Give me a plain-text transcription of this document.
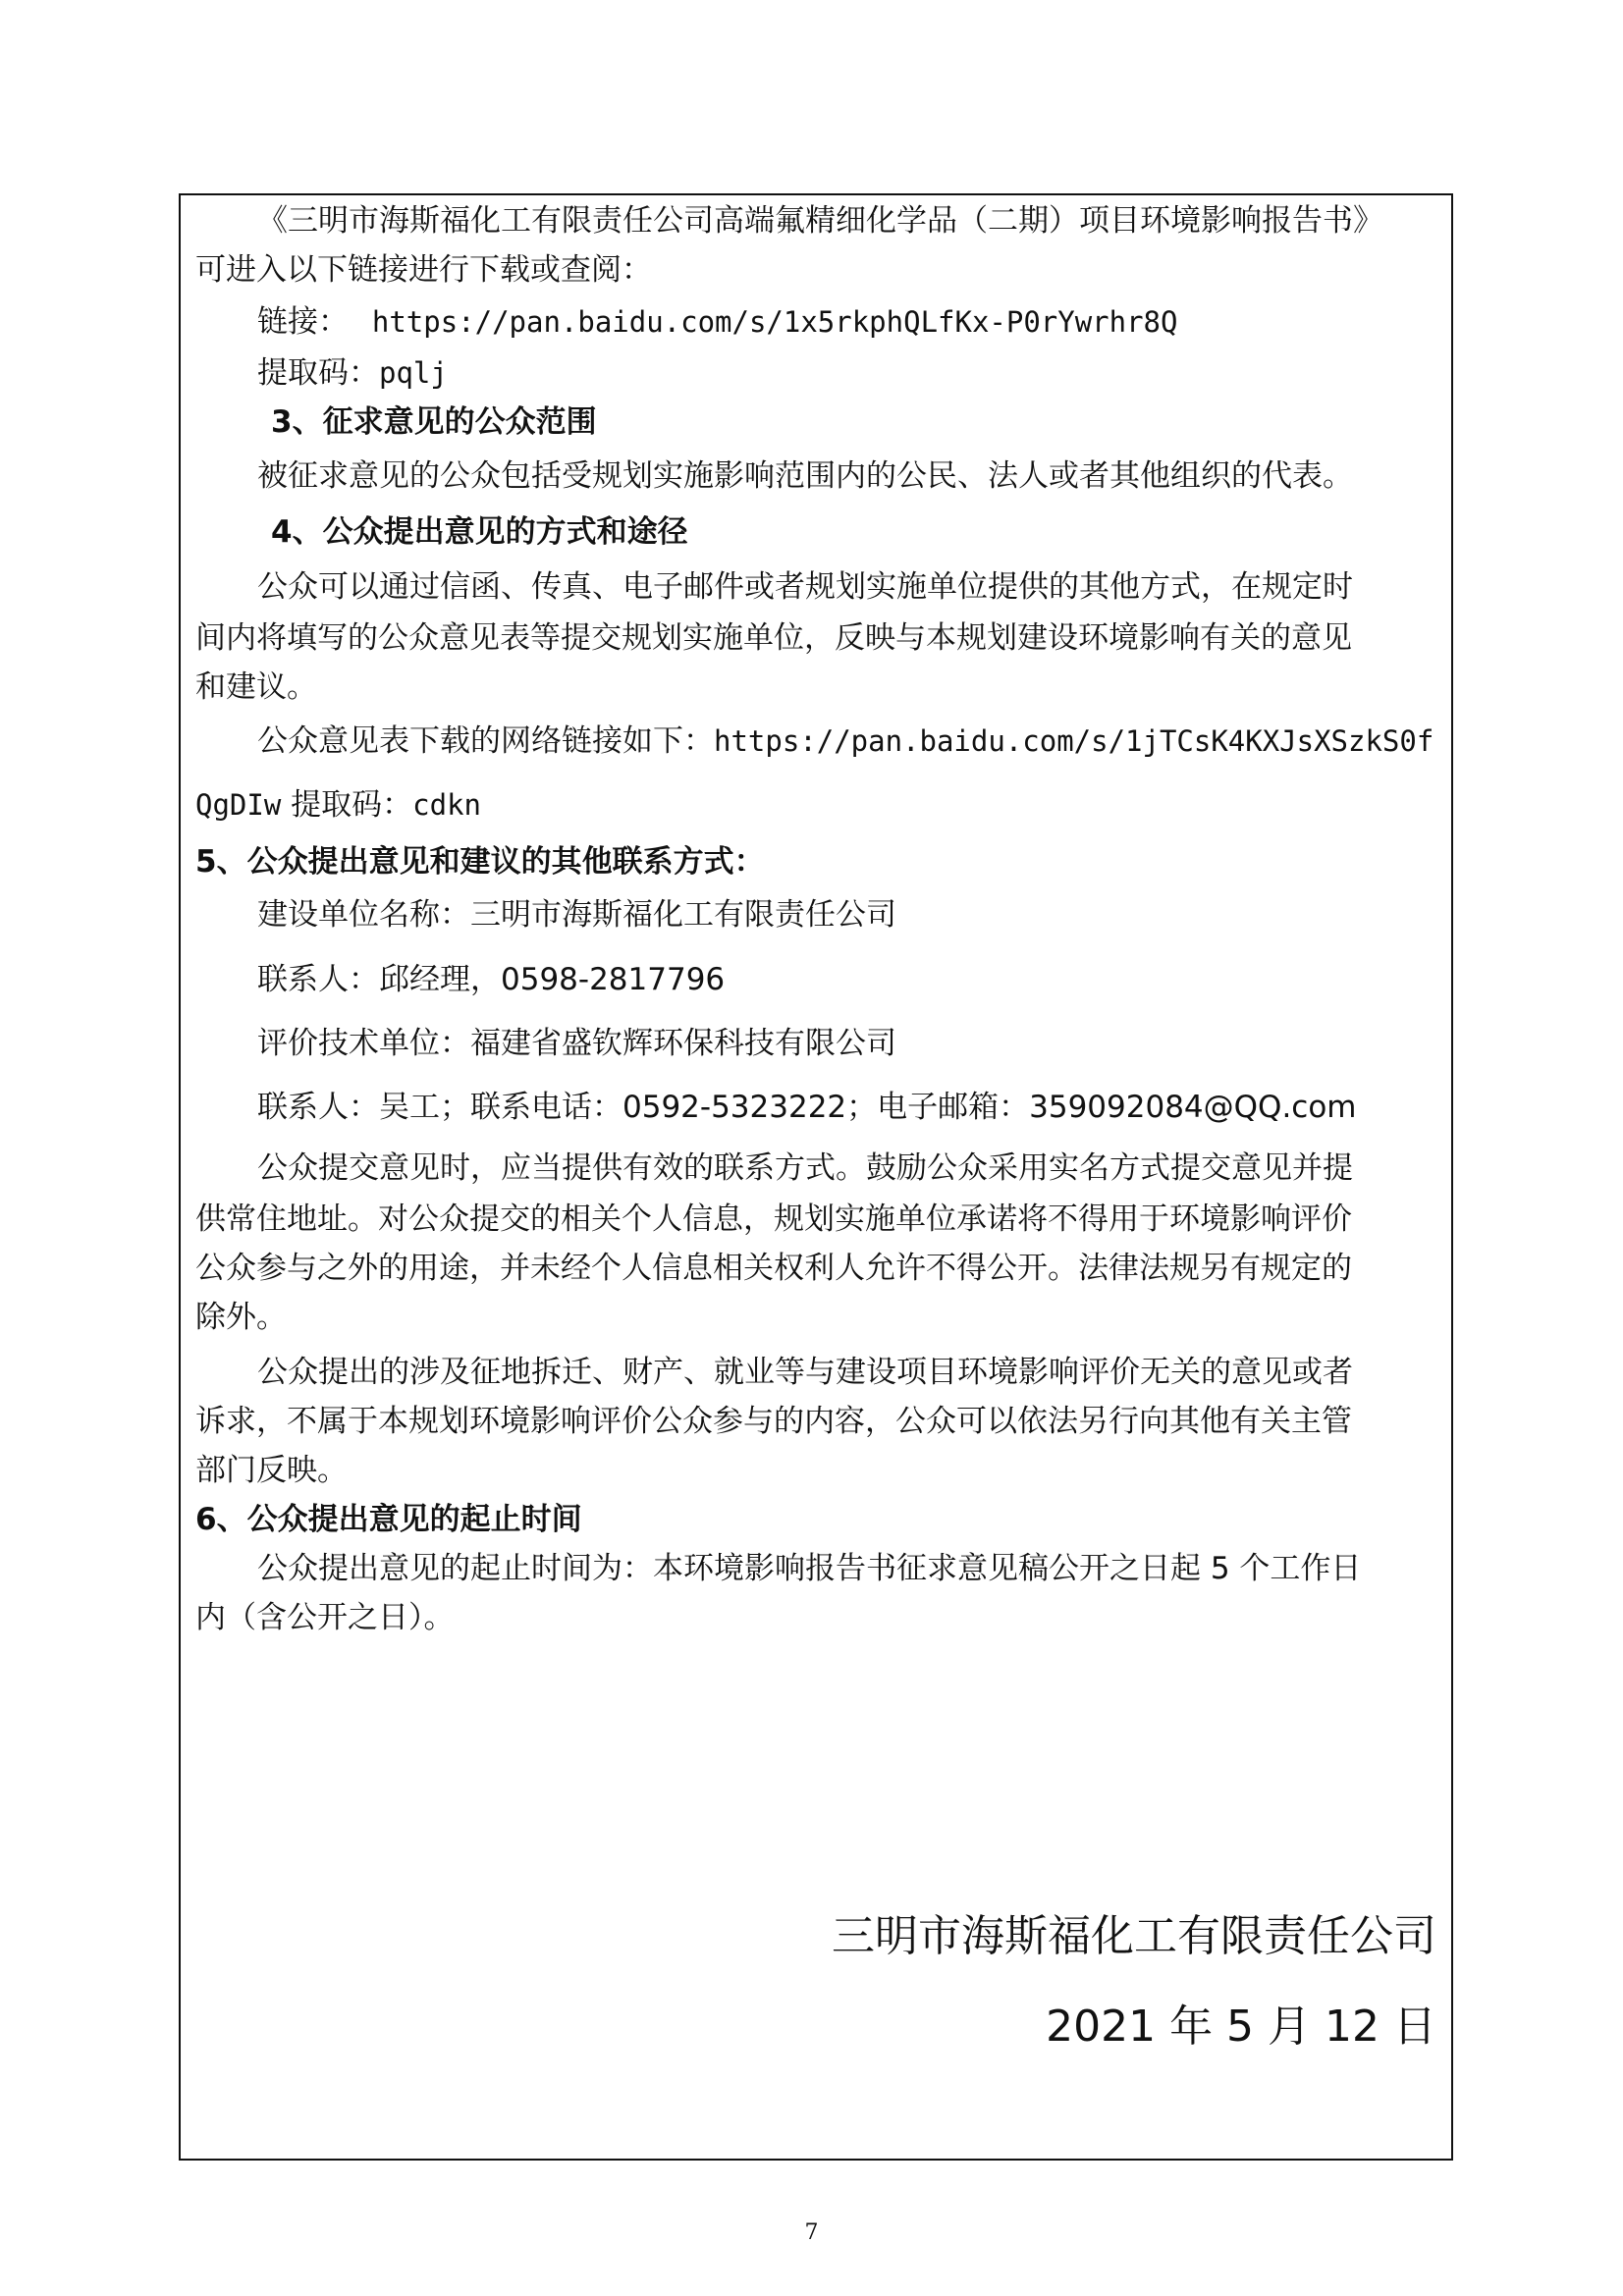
《三明市海斯福化工有限责任公司高端氟精细化学品（二期）项目环境影响报告书》
可进入以下链接进行下载或查阅：
链接： https://pan.baidu.com/s/1x5rkphQLfKx-P0rYwrhr8Q
提取码：pqlj
3、征求意见的公众范围
被征求意见的公众包括受规划实施影响范围内的公民、法人或者其他组织的代表。
4、公众提出意见的方式和途径
公众可以通过信函、传真、电子邮件或者规划实施单位提供的其他方式，在规定时
间内将填写的公众意见表等提交规划实施单位，反映与本规划建设环境影响有关的意见
和建议。
公众意见表下载的网络链接如下：https://pan.baidu.com/s/1jTCsK4KXJsXSzkS0f
QgDIw 提取码：cdkn
5、公众提出意见和建议的其他联系方式：
建设单位名称：三明市海斯福化工有限责任公司
联系人：邱经理，0598-2817796
评价技术单位：福建省盛钦辉环保科技有限公司
联系人：吴工；联系电话：0592-5323222；电子邮箱：359092084@QQ.com
公众提交意见时，应当提供有效的联系方式。鼓励公众采用实名方式提交意见并提
供常住地址。对公众提交的相关个人信息，规划实施单位承诺将不得用于环境影响评价
公众参与之外的用途，并未经个人信息相关权利人允许不得公开。法律法规另有规定的
除外。
公众提出的涉及征地拆迁、财产、就业等与建设项目环境影响评价无关的意见或者
诉求，不属于本规划环境影响评价公众参与的内容，公众可以依法另行向其他有关主管
部门反映。
6、公众提出意见的起止时间
公众提出意见的起止时间为：本环境影响报告书征求意见稿公开之日起 5 个工作日
内（含公开之日）。
三明市海斯福化工有限责任公司
2021 年 5 月 12 日
7
